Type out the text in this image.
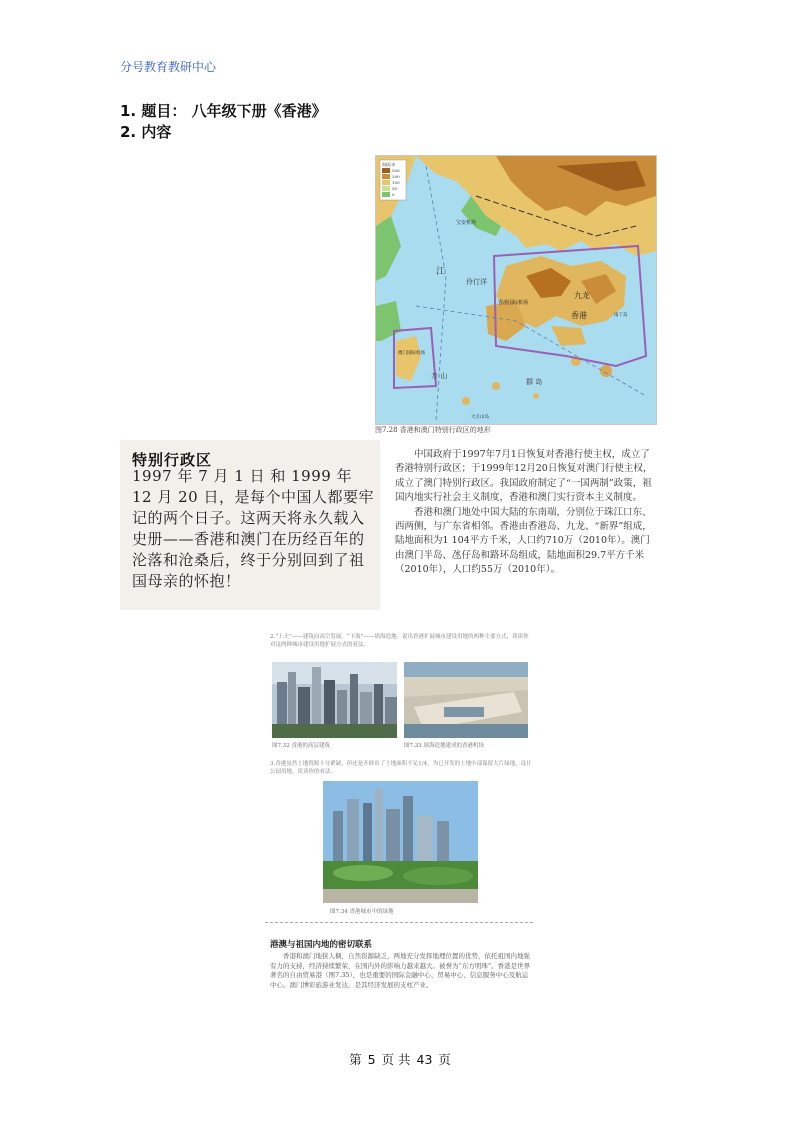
分号教育教研中心
1. 题目： 八年级下册《香港》
2. 内容
海拔/米
500
200
100
50
0
宝安机场
香港国际机场
九龙
香港
江
伶仃洋
万 山
群 岛
澳门国际机场
南丫岛
大万山岛
图7.28 香港和澳门特别行政区的地形
特别行政区
1997 年 7 月 1 日 和 1999 年 12 月 20 日，是每个中国人都要牢记的两个日子。这两天将永久载入史册——香港和澳门在历经百年的沦落和沧桑后，终于分别回到了祖国母亲的怀抱！
中国政府于1997年7月1日恢复对香港行使主权，成立了香港特别行政区；于1999年12月20日恢复对澳门行使主权，成立了澳门特别行政区。我国政府制定了“一国两制”政策，祖国内地实行社会主义制度，香港和澳门实行资本主义制度。
香港和澳门地处中国大陆的东南端，分别位于珠江口东、西两侧，与广东省相邻。香港由香港岛、九龙、“新界”组成，陆地面积为1 104平方千米，人口约710万（2010年）。澳门由澳门半岛、氹仔岛和路环岛组成，陆地面积29.7平方千米（2010年），人口约55万（2010年）。
2.“上天”——建筑向高空发展。“下海”——填海造地。说出香港扩展城市建设用地的两种主要方式，谈谈你对这两种城市建设用地扩展方式的看法。
图7.32 香港的高层建筑	图7.33 填海造地建成的香港机场
3.香港虽然土地资源十分紧缺，但还是开辟出了土地面积不足1/4，为已开发的土地中部保留大片绿地，设计公园用地，谈谈你的看法。
图7.34 香港城市中的绿地
港澳与祖国内地的密切联系
香港和澳门地狭人稠，自然资源缺乏，两地充分发挥地理位置的优势，依托祖国内地强有力的支持，经济持续繁荣，在国内外的影响力越来越大。被誉为“东方明珠”。香港是世界著名的自由贸易港（图7.35），也是重要的国际金融中心、贸易中心、信息服务中心及航运中心。澳门博彩旅游业发达，是其经济发展的支柱产业。
第 5 页 共 43 页
